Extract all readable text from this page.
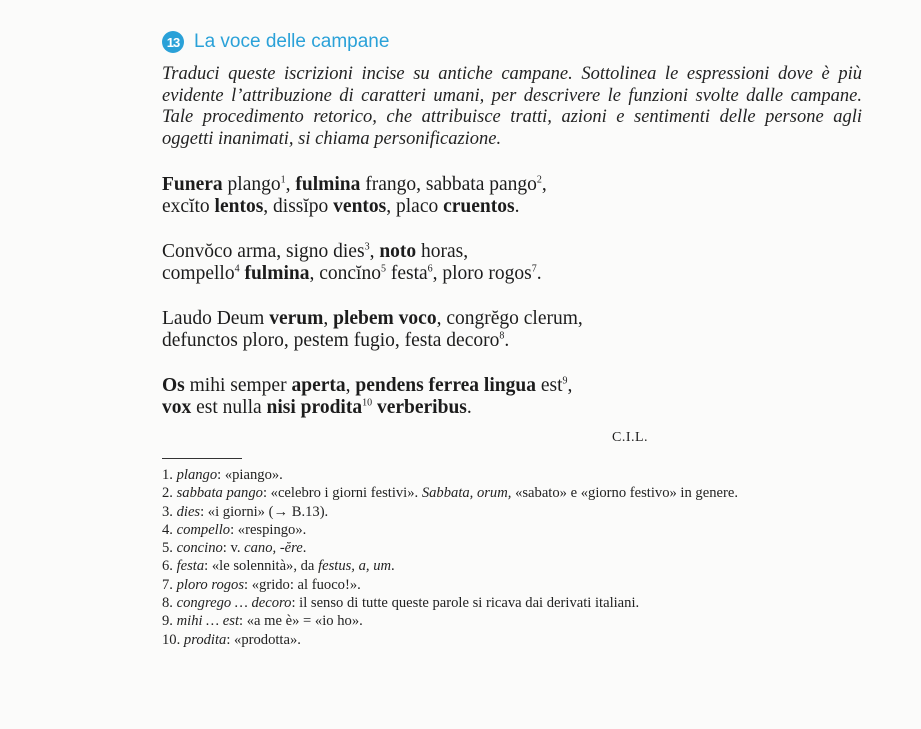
13 La voce delle campane
Traduci queste iscrizioni incise su antiche campane. Sottolinea le espressioni dove è più evidente l’attribuzione di caratteri umani, per descrivere le funzioni svolte dalle campane. Tale procedimento retorico, che attribuisce tratti, azioni e sentimenti delle persone agli oggetti inanimati, si chiama personificazione.
Funera plango$^1$, fulmina frango, sabbata pango$^2$,
excĭto lentos, dissĭpo ventos, placo cruentos.
Convŏco arma, signo dies$^3$, noto horas,
compello$^4$ fulmina, concĭno$^5$ festa$^6$, ploro rogos$^7$.
Laudo Deum verum, plebem voco, congrĕgo clerum,
defunctos ploro, pestem fugio, festa decoro$^8$.
Os mihi semper aperta, pendens ferrea lingua est$^9$,
vox est nulla nisi prodita$^{10}$ verberibus.
C.I.L.

1. plango: «piango».

2. sabbata pango: «celebro i giorni festivi». Sabbata, orum, «sabato» e «giorno festivo» in genere.

3. dies: «i giorni» (→ B.13).

4. compello: «respingo».

5. concino: v. cano, -ĕre.

6. festa: «le solennità», da festus, a, um.

7. ploro rogos: «grido: al fuoco!».

8. congrego … decoro: il senso di tutte queste parole si ricava dai derivati italiani.

9. mihi … est: «a me è» = «io ho».

10. prodita: «prodotta».
